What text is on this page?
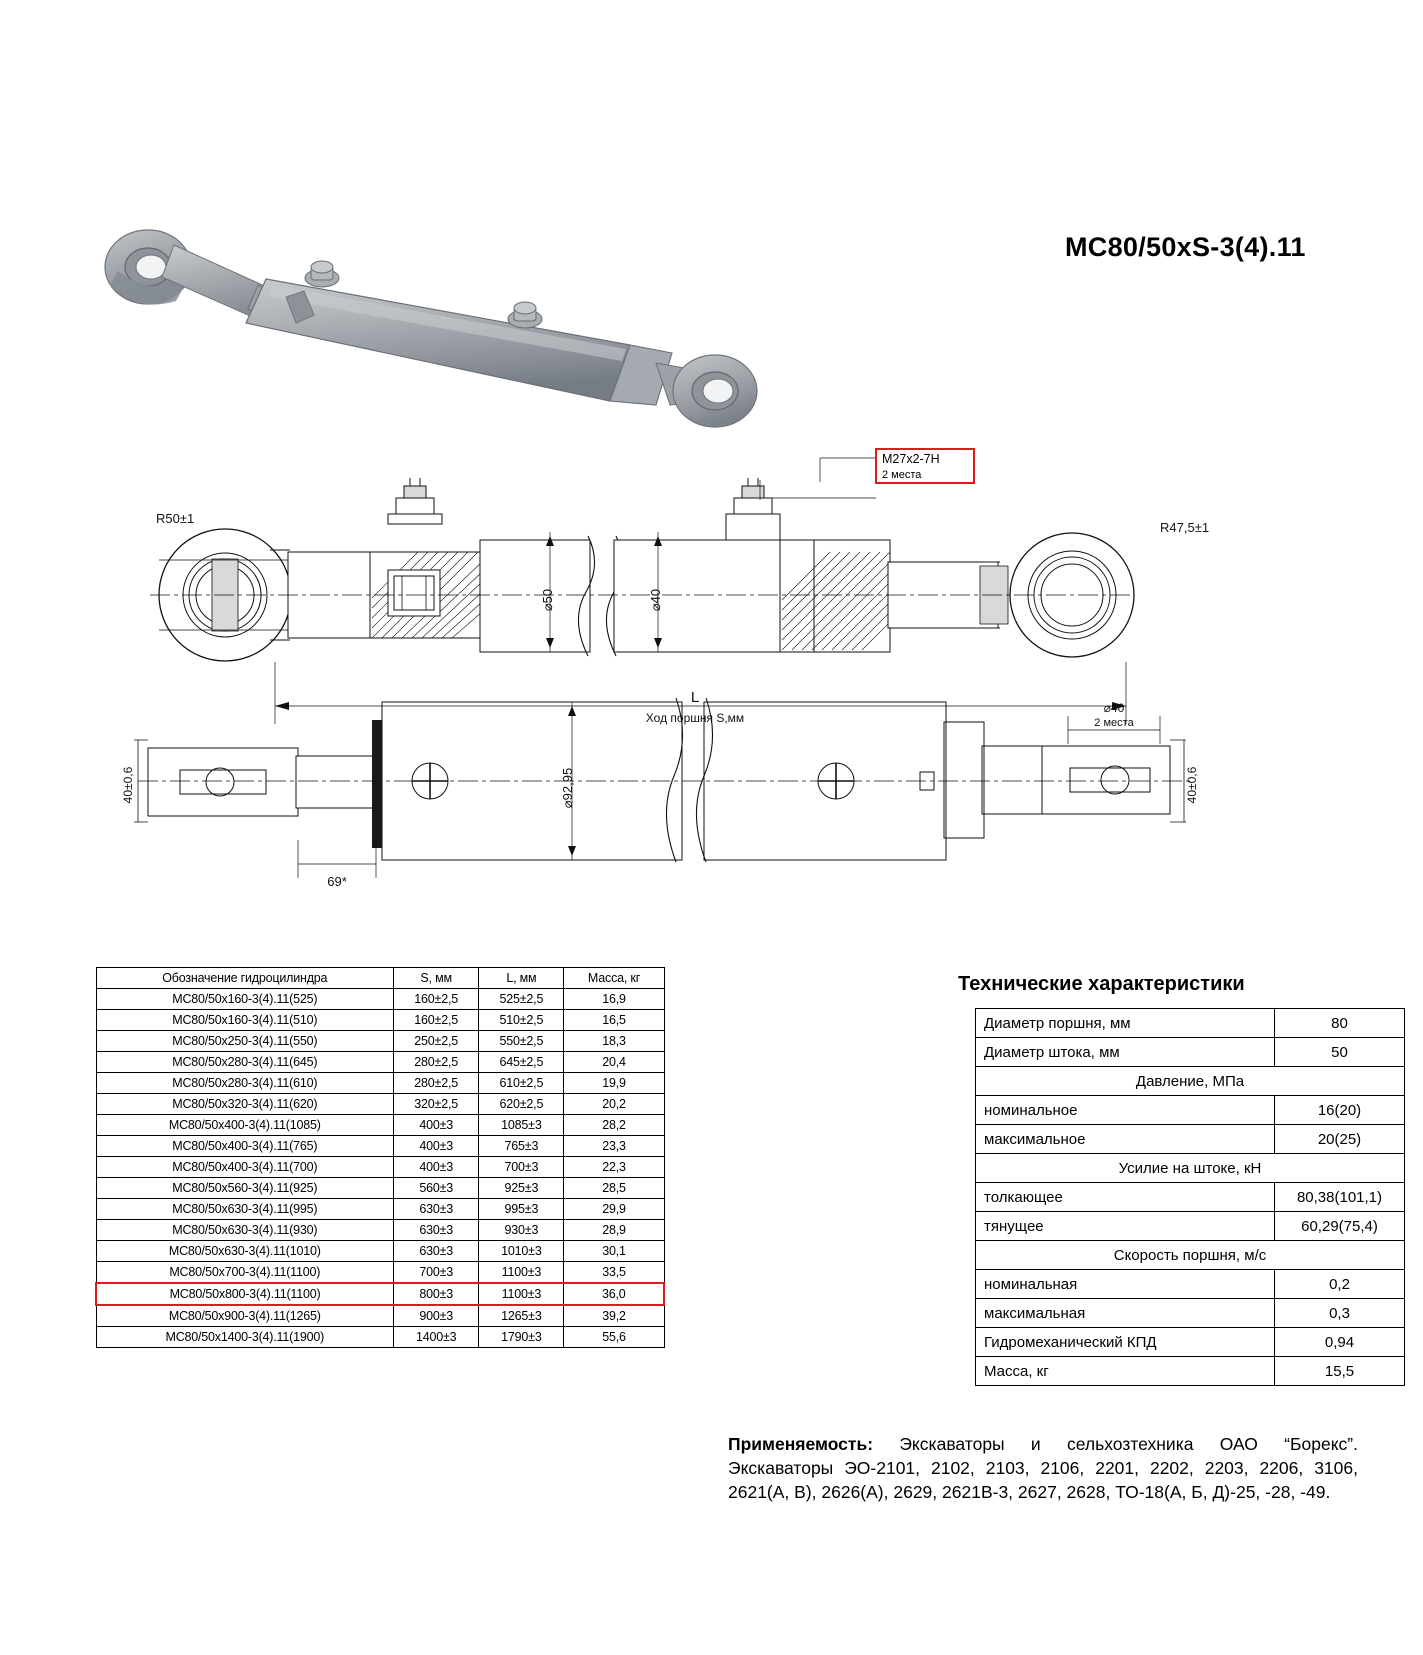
MC80/50xS-3(4).11
R50±1
R47,5±1
⌀50	⌀40
L
Ход поршня S,мм
⌀92,95
69*
⌀40
2 места
40±0,6	40±0,6
M27x2-7H
2 места
Обозначение гидроцилиндра	S, мм	L, мм	Масса, кг
MC80/50x160-3(4).11(525)	160±2,5	525±2,5	16,9
MC80/50x160-3(4).11(510)	160±2,5	510±2,5	16,5
MC80/50x250-3(4).11(550)	250±2,5	550±2,5	18,3
MC80/50x280-3(4).11(645)	280±2,5	645±2,5	20,4
MC80/50x280-3(4).11(610)	280±2,5	610±2,5	19,9
MC80/50x320-3(4).11(620)	320±2,5	620±2,5	20,2
MC80/50x400-3(4).11(1085)	400±3	1085±3	28,2
MC80/50x400-3(4).11(765)	400±3	765±3	23,3
MC80/50x400-3(4).11(700)	400±3	700±3	22,3
MC80/50x560-3(4).11(925)	560±3	925±3	28,5
MC80/50x630-3(4).11(995)	630±3	995±3	29,9
MC80/50x630-3(4).11(930)	630±3	930±3	28,9
MC80/50x630-3(4).11(1010)	630±3	1010±3	30,1
MC80/50x700-3(4).11(1100)	700±3	1100±3	33,5
MC80/50x800-3(4).11(1100)	800±3	1100±3	36,0
MC80/50x900-3(4).11(1265)	900±3	1265±3	39,2
MC80/50x1400-3(4).11(1900)	1400±3	1790±3	55,6
Технические характеристики
Диаметр поршня, мм	80
Диаметр штока, мм	50
Давление, МПа	
номинальное	16(20)
максимальное	20(25)
Усилие на штоке, кН	
толкающее	80,38(101,1)
тянущее	60,29(75,4)
Скорость поршня, м/с	
номинальная	0,2
максимальная	0,3
Гидромеханический КПД	0,94
Масса, кг	15,5
Применяемость: Экскаваторы и сельхозтехника ОАО “Борекс”. Экскаваторы ЭО-2101, 2102, 2103, 2106, 2201, 2202, 2203, 2206, 3106, 2621(А, В), 2626(А), 2629, 2621В-3, 2627, 2628, ТО-18(А, Б, Д)-25, -28, -49.
